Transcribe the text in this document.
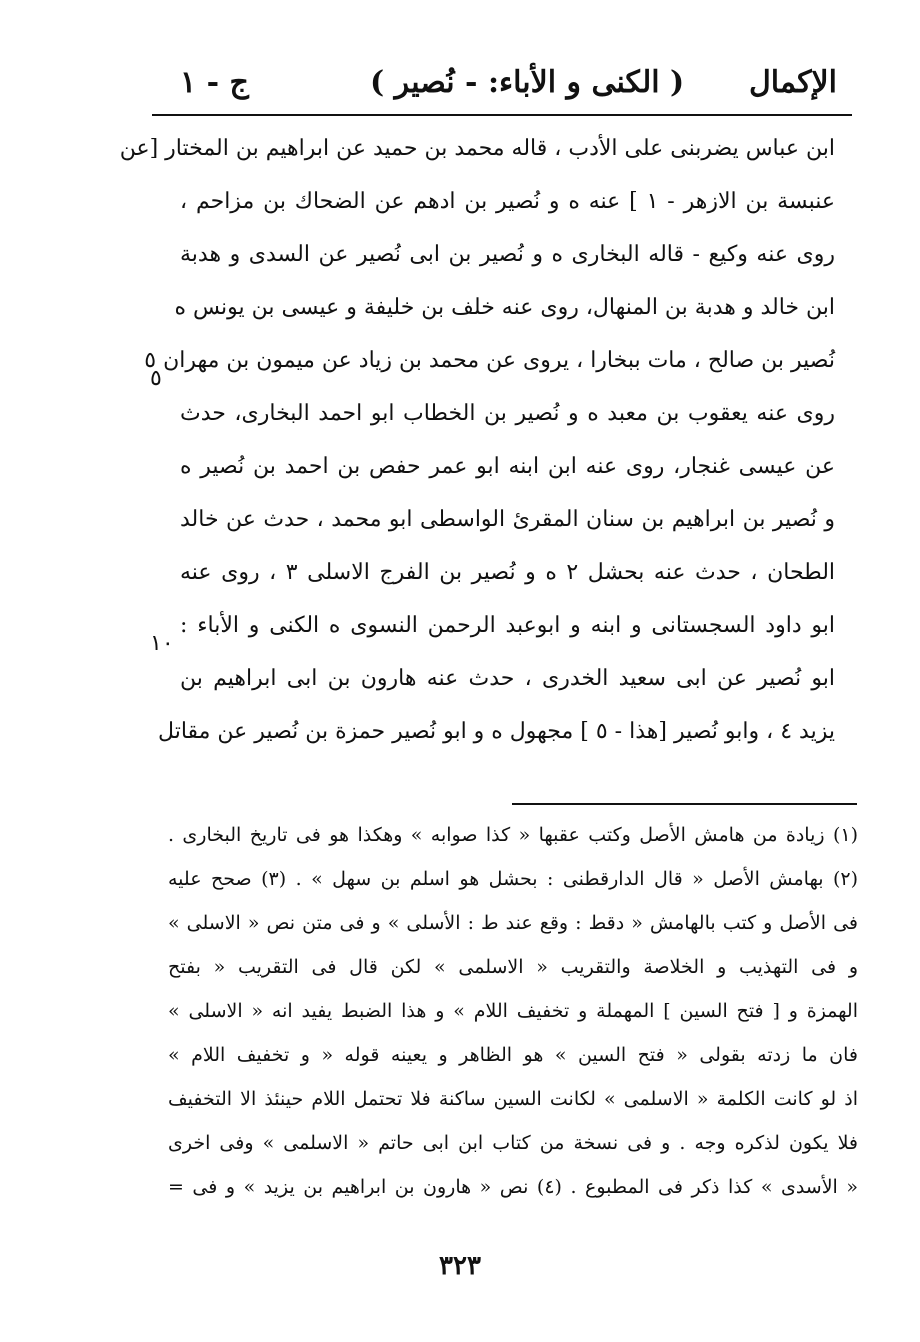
الإكمال
( الكنى و الأباء: - نُصير )
ج - ١
ابن عباس يضربنى على الأدب ، قاله محمد بن حميد عن ابراهيم بن المختار [عن
عنبسة بن الازهر - ١ ] عنه ه و نُصير بن ادهم عن الضحاك بن مزاحم ،
روى عنه وكيع - قاله البخارى ه و نُصير بن ابى نُصير عن السدى و هدبة
ابن خالد و هدبة بن المنهال، روى عنه خلف بن خليفة و عيسى بن يونس ه
نُصير بن صالح ، مات ببخارا ، يروى عن محمد بن زياد عن ميمون بن مهران ٥
روى عنه يعقوب بن معبد ه و نُصير بن الخطاب ابو احمد البخارى، حدث
عن عيسى غنجار، روى عنه ابن ابنه ابو عمر حفص بن احمد بن نُصير ه
و نُصير بن ابراهيم بن سنان المقرئ الواسطى ابو محمد ، حدث عن خالد
الطحان ، حدث عنه بحشل ٢ ه و نُصير بن الفرج الاسلى ٣ ، روى عنه
ابو داود السجستانى و ابنه و ابوعبد الرحمن النسوى ه الكنى و الأباء :
ابو نُصير عن ابى سعيد الخدرى ، حدث عنه هارون بن ابى ابراهيم بن
يزيد ٤ ، وابو نُصير [هذا - ٥ ] مجهول ه و ابو نُصير حمزة بن نُصير عن مقاتل
٥
١٠
(١) زيادة من هامش الأصل وكتب عقبها « كذا صوابه » وهكذا هو فى تاريخ البخارى .
(٢) بهامش الأصل « قال الدارقطنى : بحشل هو اسلم بن سهل » . (٣) صحح عليه
فى الأصل و كتب بالهامش « دقط : وقع عند ط : الأسلى » و فى متن نص « الاسلى »
و فى التهذيب و الخلاصة والتقريب « الاسلمى » لكن قال فى التقريب « بفتح
الهمزة و [ فتح السين ] المهملة و تخفيف اللام » و هذا الضبط يفيد انه « الاسلى »
فان ما زدته بقولى « فتح السين » هو الظاهر و يعينه قوله « و تخفيف اللام »
اذ لو كانت الكلمة « الاسلمى » لكانت السين ساكنة فلا تحتمل اللام حينئذ الا التخفيف
فلا يكون لذكره وجه . و فى نسخة من كتاب ابن ابى حاتم « الاسلمى » وفى اخرى
« الأسدى » كذا ذكر فى المطبوع . (٤) نص « هارون بن ابراهيم بن يزيد » و فى =
٣٢٣
